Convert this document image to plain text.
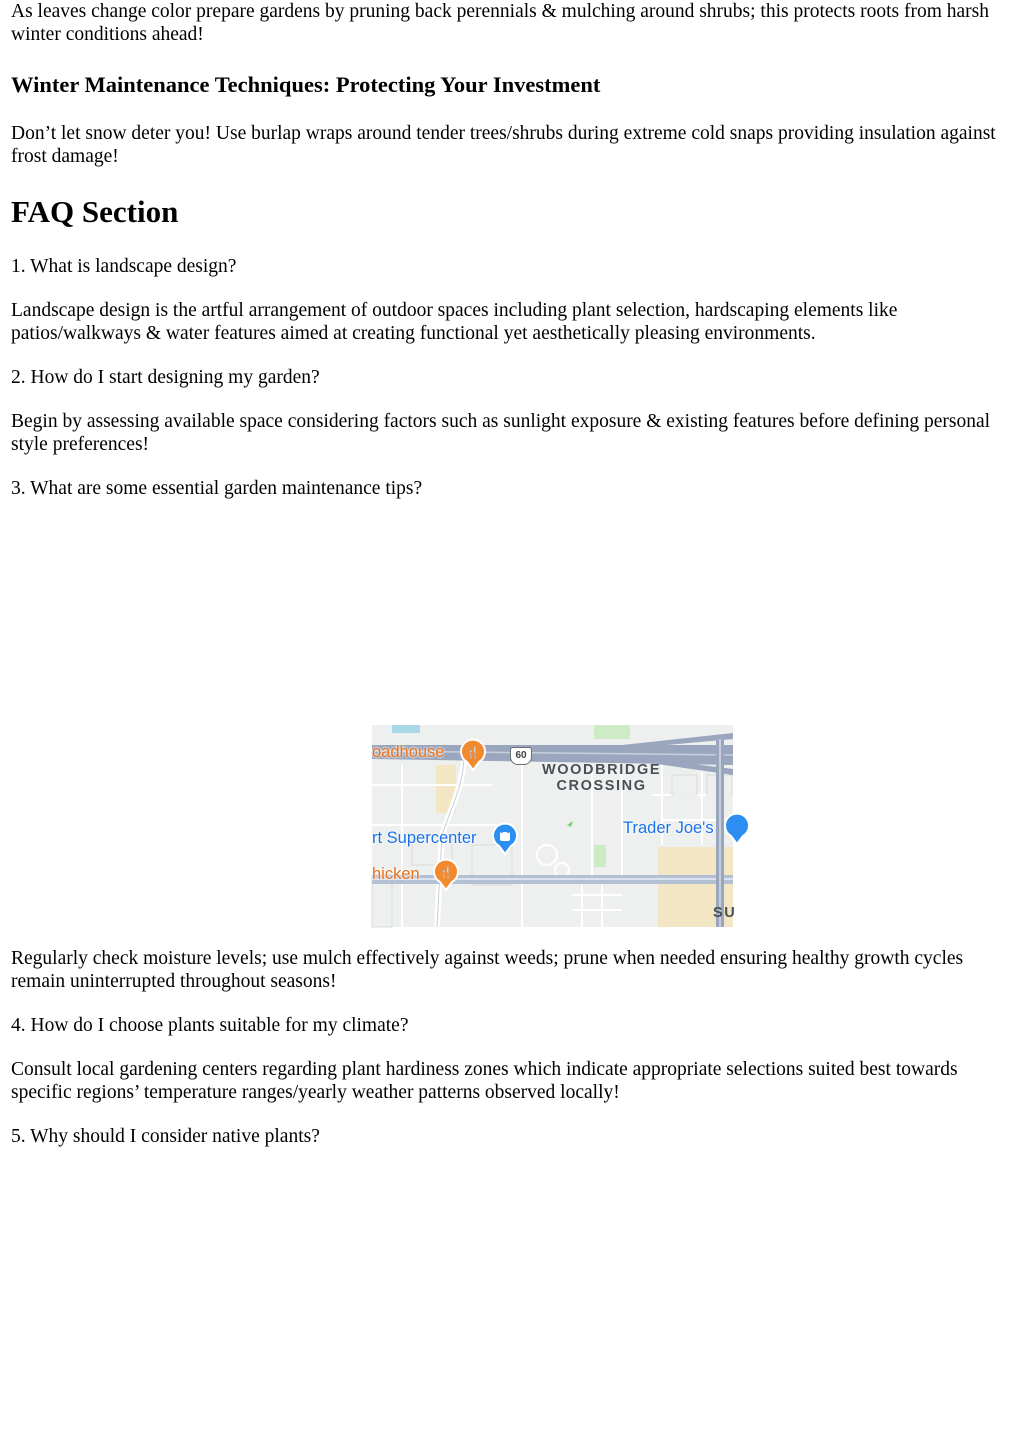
As leaves change color prepare gardens by pruning back perennials & mulching around shrubs; this protects roots from harsh winter conditions ahead!

Winter Maintenance Techniques: Protecting Your Investment

Don’t let snow deter you! Use burlap wraps around tender trees/shrubs during extreme cold snaps providing insulation against frost damage!

FAQ Section

1. What is landscape design?

Landscape design is the artful arrangement of outdoor spaces including plant selection, hardscaping elements like patios/walkways & water features aimed at creating functional yet aesthetically pleasing environments.

2. How do I start designing my garden?

Begin by assessing available space considering factors such as sunlight exposure & existing features before defining personal style preferences!

3. What are some essential garden maintenance tips?

Regularly check moisture levels; use mulch effectively against weeds; prune when needed ensuring healthy growth cycles remain uninterrupted throughout seasons!

4. How do I choose plants suitable for my climate?

Consult local gardening centers regarding plant hardiness zones which indicate appropriate selections suited best towards specific regions’ temperature ranges/yearly weather patterns observed locally!

5. Why should I consider native plants?

60
WOODBRIDGE
CROSSING
oadhouse 🍴
rt Supercenter
hicken 🍴
Trader Joe's
SU
